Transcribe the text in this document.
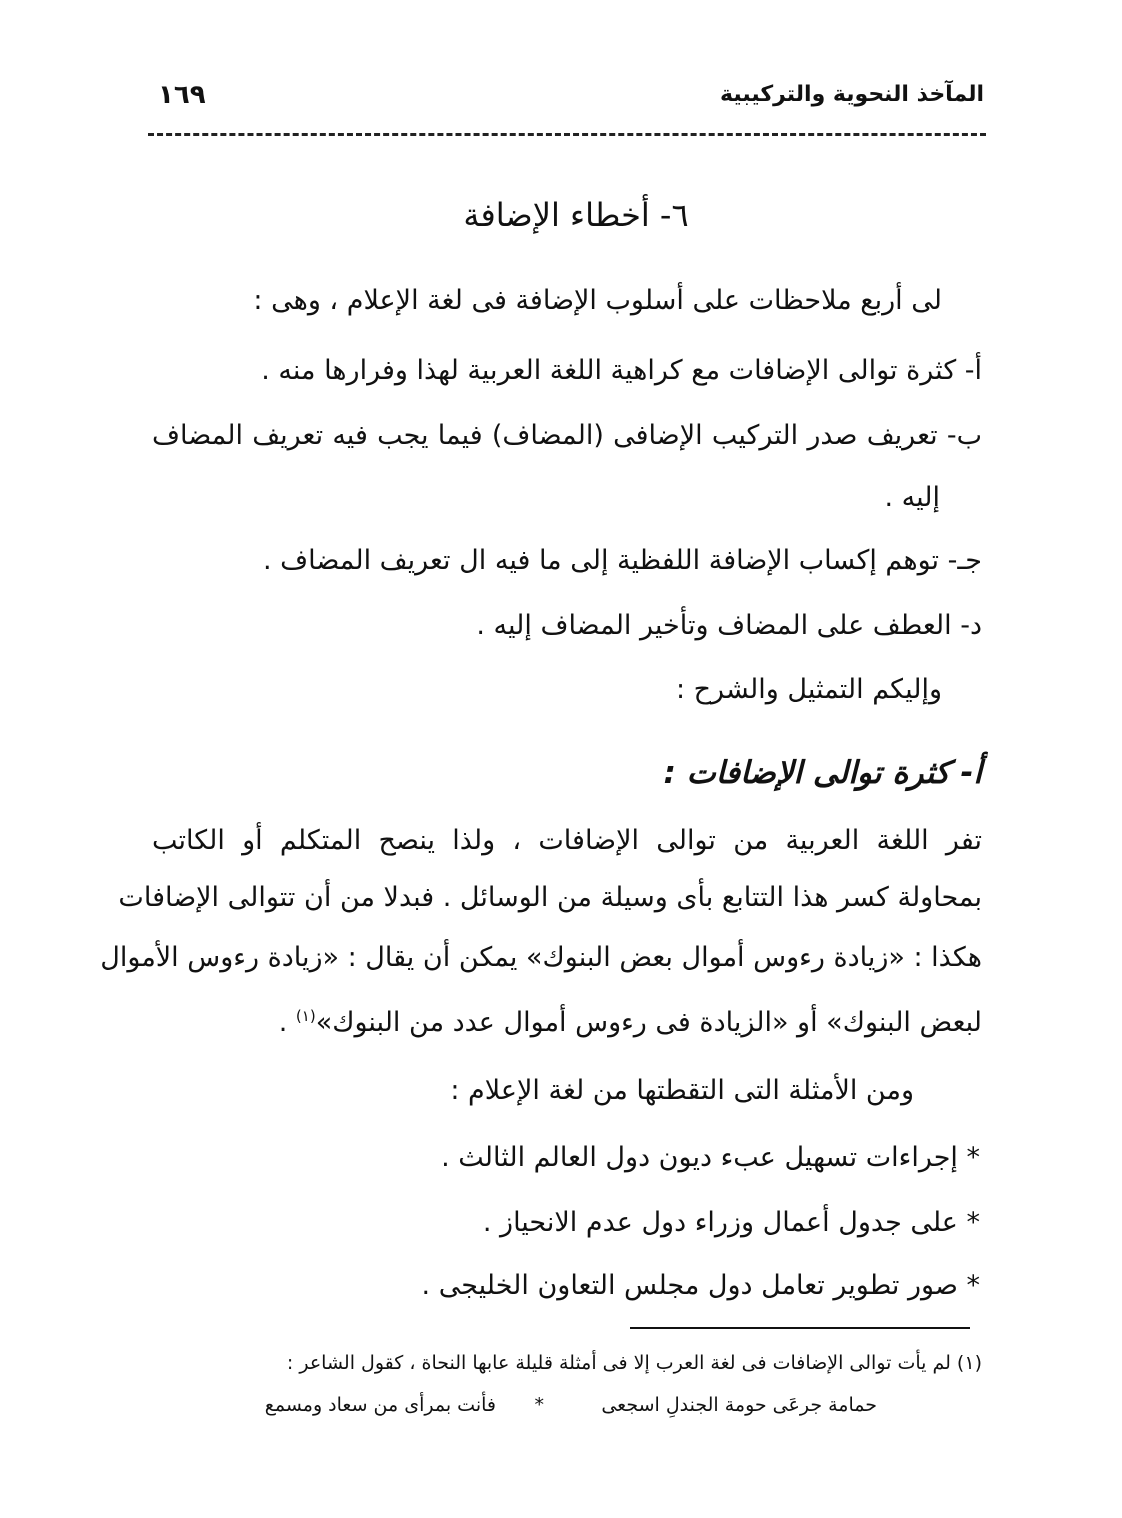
المآخذ النحوية والتركيبية
١٦٩
٦- أخطاء الإضافة
لى أربع ملاحظات على أسلوب الإضافة فى لغة الإعلام ، وهى :
أ- كثرة توالى الإضافات مع كراهية اللغة العربية لهذا وفرارها منه .
ب- تعريف صدر التركيب الإضافى (المضاف) فيما يجب فيه تعريف المضاف
إليه .
جـ- توهم إكساب الإضافة اللفظية إلى ما فيه ال تعريف المضاف .
د- العطف على المضاف وتأخير المضاف إليه .
وإليكم التمثيل والشرح :
أ- كثرة توالى الإضافات :
تفر اللغة العربية من توالى الإضافات ، ولذا ينصح المتكلم أو الكاتب
بمحاولة كسر هذا التتابع بأى وسيلة من الوسائل . فبدلا من أن تتوالى الإضافات
هكذا : «زيادة رءوس أموال بعض البنوك» يمكن أن يقال : «زيادة رءوس الأموال
لبعض البنوك» أو «الزيادة فى رءوس أموال عدد من البنوك»$^{(١)}$ .
ومن الأمثلة التى التقطتها من لغة الإعلام :
* إجراءات تسهيل عبء ديون دول العالم الثالث .
* على جدول أعمال وزراء دول عدم الانحياز .
* صور تطوير تعامل دول مجلس التعاون الخليجى .
(١) لم يأت توالى الإضافات فى لغة العرب إلا فى أمثلة قليلة عابها النحاة ، كقول الشاعر :
حمامة جرعَى حومة الجندلِ اسجعى
*
فأنت بمرأى من سعاد ومسمع
